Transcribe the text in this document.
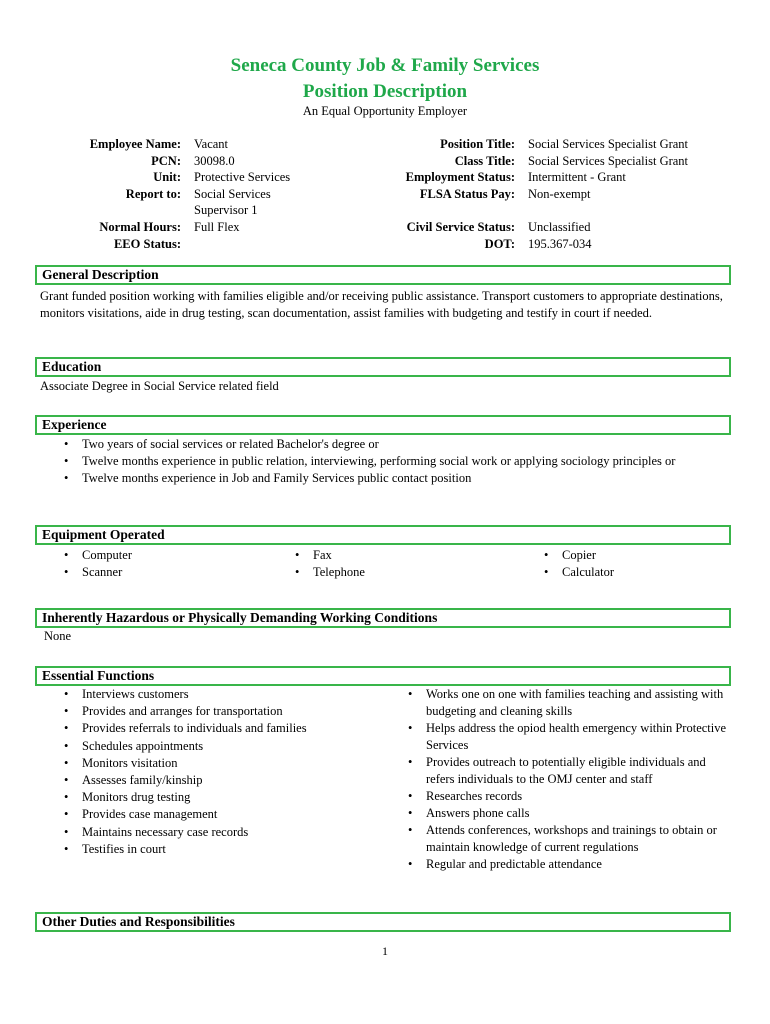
Seneca County Job & Family Services
Position Description
An Equal Opportunity Employer
Employee Name:	Vacant
PCN:	30098.0
Unit:	Protective Services
Report to:	Social Services Supervisor 1
Normal Hours:	Full Flex
EEO Status:
Position Title:	Social Services Specialist Grant
Class Title:	Social Services Specialist Grant
Employment Status:	Intermittent - Grant
FLSA Status Pay:	Non-exempt
Civil Service Status:	Unclassified
DOT:	195.367-034
General Description
Grant funded position working with families eligible and/or receiving public assistance. Transport customers to appropriate destinations, monitors visitations, aide in drug testing, scan documentation, assist families with budgeting and testify in court if needed.
Education
Associate Degree in Social Service related field
Experience
• Two years of social services or related Bachelor's degree or
• Twelve months experience in public relation, interviewing, performing social work or applying sociology principles or
• Twelve months experience in Job and Family Services public contact position
Equipment Operated
• Computer
• Scanner
• Fax
• Telephone
• Copier
• Calculator
Inherently Hazardous or Physically Demanding Working Conditions
None
Essential Functions
• Interviews customers
• Provides and arranges for transportation
• Provides referrals to individuals and families
• Schedules appointments
• Monitors visitation
• Assesses family/kinship
• Monitors drug testing
• Provides case management
• Maintains necessary case records
• Testifies in court
• Works one on one with families teaching and assisting with budgeting and cleaning skills
• Helps address the opiod health emergency within Protective Services
• Provides outreach to potentially eligible individuals and refers individuals to the OMJ center and staff
• Researches records
• Answers phone calls
• Attends conferences, workshops and trainings to obtain or maintain knowledge of current regulations
• Regular and predictable attendance
Other Duties and Responsibilities
1
